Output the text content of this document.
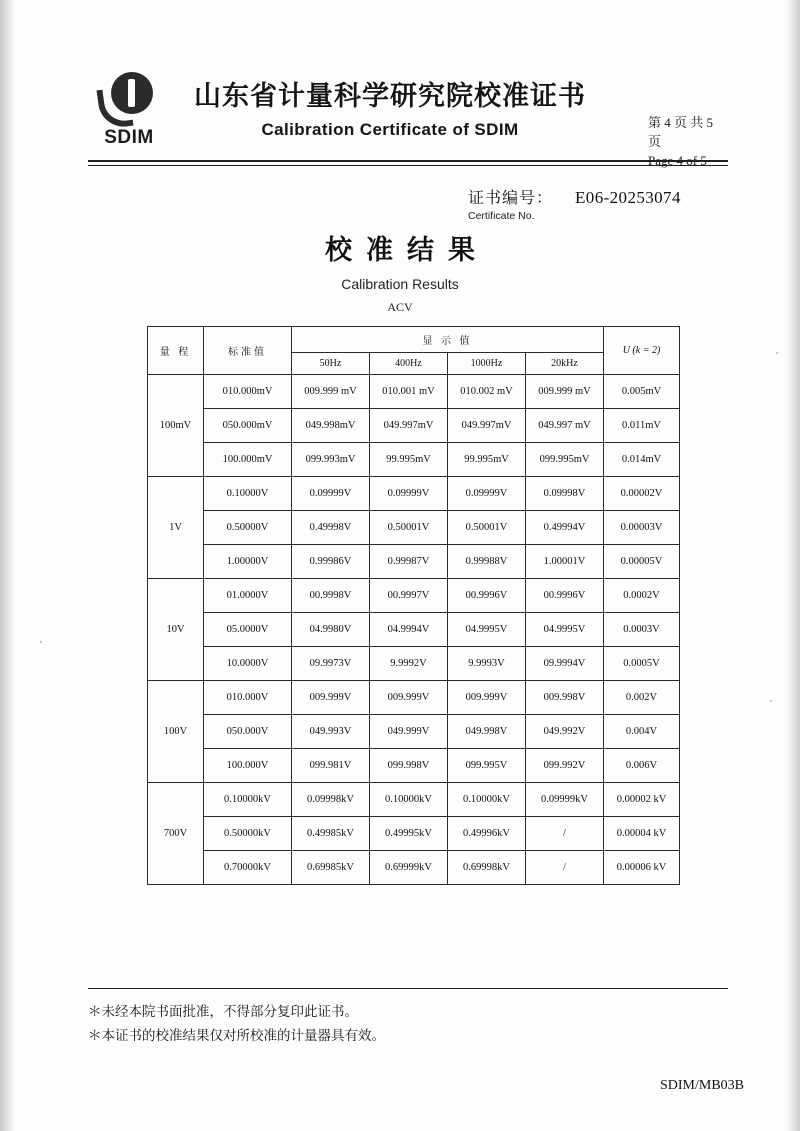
SDIM
山东省计量科学研究院校准证书
Calibration Certificate of SDIM	第 4 页 共 5 页
Page 4 of 5
证书编号： E06-20253074
Certificate No.
校准结果
Calibration Results
ACV
量 程	标准值	显 示 值				U (k = 2)
		50Hz	400Hz	1000Hz	20kHz	
100mV	010.000mV	009.999 mV	010.001 mV	010.002 mV	009.999 mV	0.005mV
	050.000mV	049.998mV	049.997mV	049.997mV	049.997 mV	0.011mV
	100.000mV	099.993mV	99.995mV	99.995mV	099.995mV	0.014mV
1V	0.10000V	0.09999V	0.09999V	0.09999V	0.09998V	0.00002V
	0.50000V	0.49998V	0.50001V	0.50001V	0.49994V	0.00003V
	1.00000V	0.99986V	0.99987V	0.99988V	1.00001V	0.00005V
10V	01.0000V	00.9998V	00.9997V	00.9996V	00.9996V	0.0002V
	05.0000V	04.9980V	04.9994V	04.9995V	04.9995V	0.0003V
	10.0000V	09.9973V	9.9992V	9.9993V	09.9994V	0.0005V
100V	010.000V	009.999V	009.999V	009.999V	009.998V	0.002V
	050.000V	049.993V	049.999V	049.998V	049.992V	0.004V
	100.000V	099.981V	099.998V	099.995V	099.992V	0.006V
700V	0.10000kV	0.09998kV	0.10000kV	0.10000kV	0.09999kV	0.00002 kV
	0.50000kV	0.49985kV	0.49995kV	0.49996kV	/	0.00004 kV
	0.70000kV	0.69985kV	0.69999kV	0.69998kV	/	0.00006 kV
＊未经本院书面批准，不得部分复印此证书。
＊本证书的校准结果仅对所校准的计量器具有效。
SDIM/MB03B
